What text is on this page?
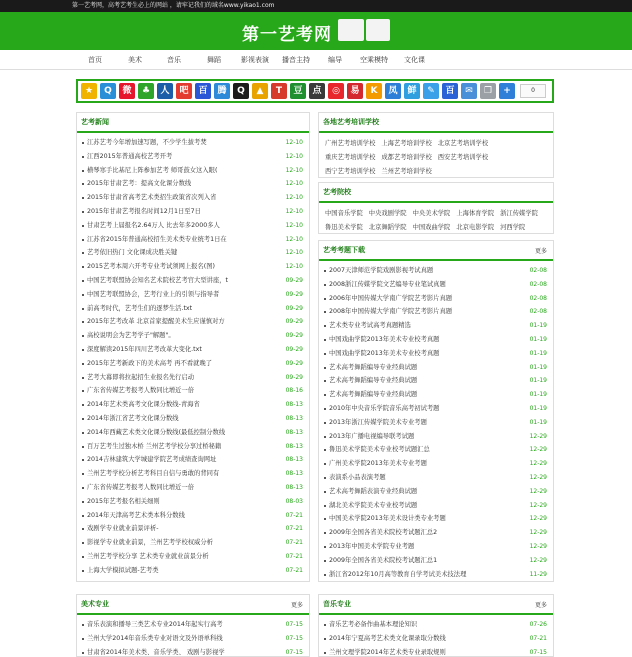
第一艺考网，高考艺考生必上的网站 ，请牢记我们的域名www.yikao1.com
第一艺考网
首页	美术	音乐	舞蹈	影视表演 播音主持	编导	空乘模特 文化课
★	Q	微	♣	人	吧	百	腾	Q	▲	T	豆	点	◎	易	K	凤	鲜	✎	百	✉	❐	+	0
艺考新闻
江苏艺考今年增加速写题，不少学生拔考焚	12-10
江西2015年普通高校艺考开考	12-10
横琴寒手比基尼上阵参加艺考 师哥鼓女这入眼(	12-10
2015年甘肃艺考：提高文化课分数线	12-10
2015年甘肃省高考艺术类招生政策省次列入省	12-10
2015年甘肃艺考报名时间12月1日至7日	12-10
甘肃艺考上届报名2.64万人 比去年多2000多人	12-10
江苏省2015年普通高校招生美术类专业统考1日在	12-10
艺考依旧热门 文化课成决胜关键	12-10
2015艺考本周六开考专业考试须网上报名(图)	12-10
中国艺考联盟协会知名艺术院校艺考官大型讲座，t	09-29
中国艺考联盟协会，艺考行业上的引领与指导者	09-29
前高考时代，艺考生们的逐梦生活.txt	09-29
2015年艺考改革 北京首家提醒美术生应谨慎对方	09-29
高校说明会为艺考学子"解题"。	09-29
深度解读2015年四川艺考改革大变化.txt	09-29
2015年艺考新政下的美术高考 再不看就晚了	09-29
艺考大幕即将拉起招生业报名先行启动	09-29
广东省传媒艺考报考人数同比增近一倍	08-16
2014年艺术类高考文化课分数线-青海省	08-13
2014年浙江省艺考文化课分数线	08-13
2014年西藏艺术类文化课分数线(最低控制分数线	08-13
百万艺考生过独木桥 兰州艺考学校分享过桥秘籍	08-13
2014吉林建筑大学城建学院艺考成绩查询网址	08-13
兰州艺考学校分析艺考科目自信与勇敢的背同有	08-13
广东省传媒艺考报考人数同比增近一倍	08-13
2015年艺考报名相关细则	08-03
2014年天津高考艺术类本科分数线	07-21
戏剧学专业就业前景评析-	07-21
影视学专业就业前景，兰州艺考学校权威分析	07-21
兰州艺考学校分享 艺术类专业就业前景分析	07-21
上海大学模拟试题-艺考类	07-21
各地艺考培训学校
广州艺考培训学校 上海艺考培训学校 北京艺考培训学校重庆艺考培训学校 成都艺考培训学校 西安艺考培训学校西宁艺考培训学校 兰州艺考培训学校
艺考院校
中国音乐学院 中央戏剧学院 中央美术学院 上海体育学院 浙江传媒学院鲁迅美术学院 北京舞蹈学院 中国戏曲学院 北京电影学院 河西学院
艺考考题下载	更多
2007天津师范学院戏剧影视考试真题	02-08
2008浙江传媒学院文艺编导专业笔试真题	02-08
2006年中国传媒大学南广学院艺考影片真题	02-08
2008年中国传媒大学南广学院艺考影片真题	02-08
艺术类专业考试高考真题精选	01-19
中国戏曲学院2013年美术专业校考真题	01-19
中国戏曲学院2013年美术专业校考真题	01-19
艺术高考舞蹈编导专业经典试题	01-19
艺术高考舞蹈编导专业经典试题	01-19
艺术高考舞蹈编导专业经典试题	01-19
2010年中央音乐学院音乐高考初试考题	01-19
2013年浙江传媒学院美术专业考题	01-19
2013年广播电视编导联考试题	12-29
鲁迅美术学院美术专业校考试题汇总	12-29
广州美术学院2013年美术专业考题	12-29
表演系小品表演考题	12-29
艺术高考舞蹈表演专业经典试题	12-29
湖北美术学院美术专业校考试题	12-29
中国美术学院2013年美术设计类专业考题	12-29
2009年全国各省美术院校考试题汇总2	12-29
2013年中国美术学院专业考题	12-29
2009年全国各省美术院校考试题汇总1	12-29
浙江省2012年10月高等教育自学考试美术技法理	11-29
美术专业	更多
音乐表演和播导三类艺术专业2014年起实行高考	07-15
兰州大学2014年音乐类专业对语文及外语单科线	07-15
甘肃省2014年美术类、音乐学类、 戏剧与影视学	07-15
音乐专业	更多
音乐艺考必备作曲基本理论知识	07-26
2014年宁夏高考艺术类文化课录取分数线	07-21
兰州文理学院2014年艺术类专业录取规则	07-15
